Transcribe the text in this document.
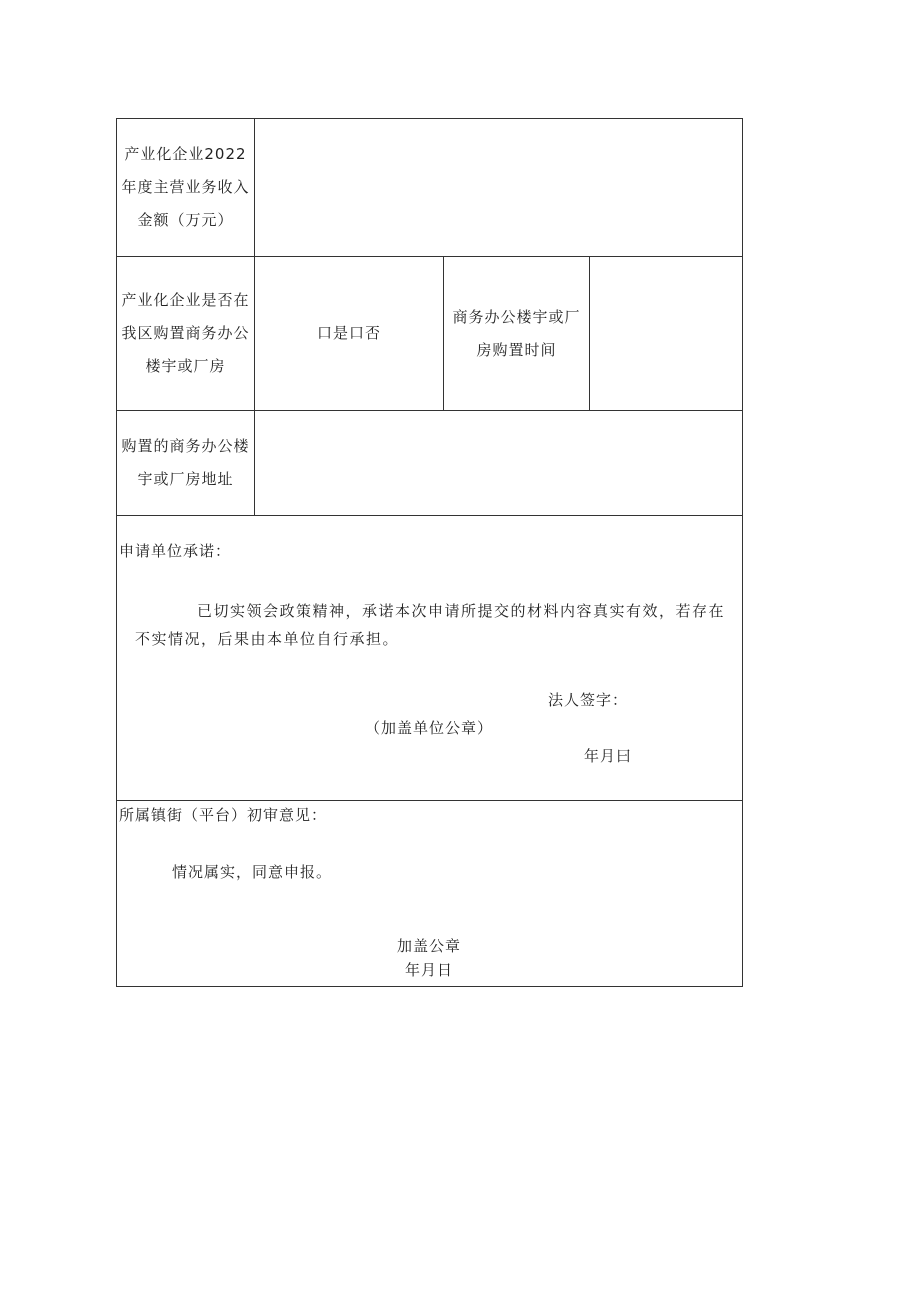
产业化企业2022
年度主营业务收入
金额（万元）
产业化企业是否在
我区购置商务办公
楼宇或厂房
口是口否
商务办公楼宇或厂
房购置时间
购置的商务办公楼
宇或厂房地址
申请单位承诺：
已切实领会政策精神，承诺本次申请所提交的材料内容真实有效，若存在
不实情况，后果由本单位自行承担。
法人签字：
（加盖单位公章）
年月曰
所属镇街（平台）初审意见：
情况属实，同意申报。
加盖公章
年月日
